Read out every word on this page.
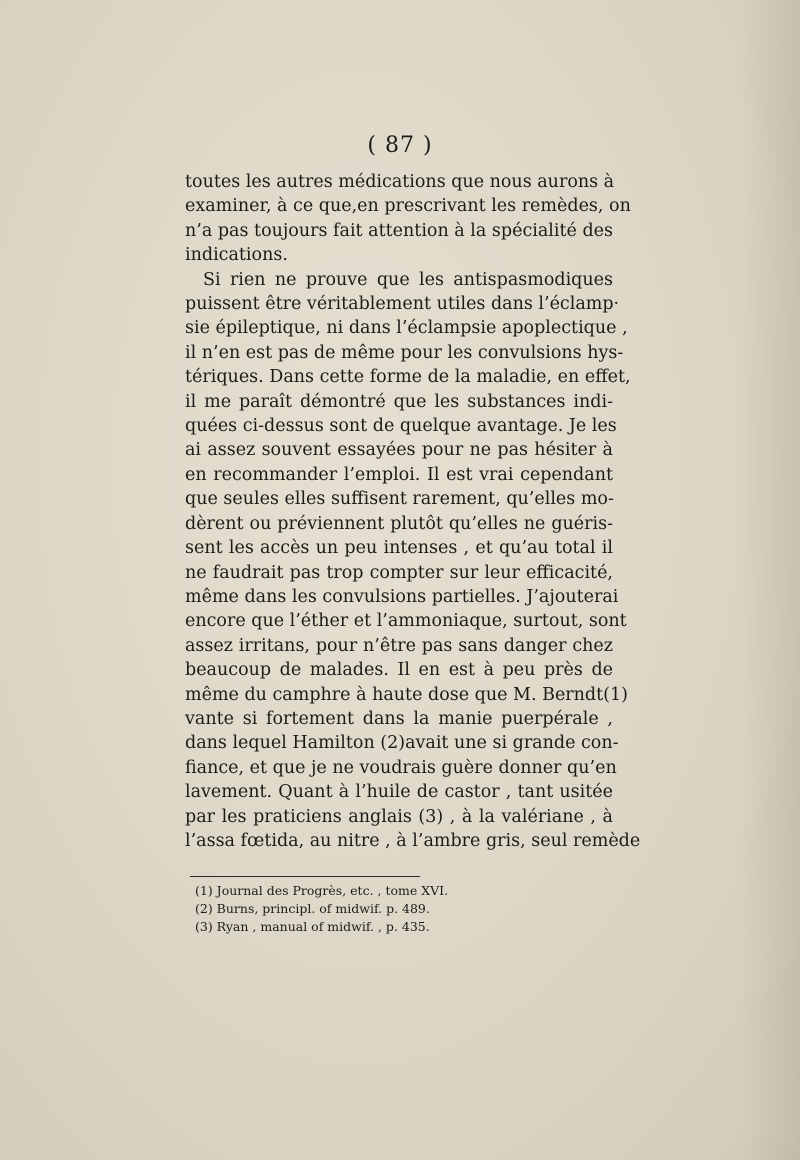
( 87 )
toutes les autres médications que nous aurons à
examiner, à ce que,en prescrivant les remèdes, on
n’a pas toujours fait attention à la spécialité des
indications.
Si rien ne prouve que les antispasmodiques
puissent être véritablement utiles dans l’éclamp·
sie épileptique, ni dans l’éclampsie apoplectique ,
il n’en est pas de même pour les convulsions hys-
tériques. Dans cette forme de la maladie, en effet,
il me paraît démontré que les substances indi-
quées ci-dessus sont de quelque avantage. Je les
ai assez souvent essayées pour ne pas hésiter à
en recommander l’emploi. Il est vrai cependant
que seules elles suffisent rarement, qu’elles mo-
dèrent ou préviennent plutôt qu’elles ne guéris-
sent les accès un peu intenses , et qu’au total il
ne faudrait pas trop compter sur leur efficacité,
même dans les convulsions partielles. J’ajouterai
encore que l’éther et l’ammoniaque, surtout, sont
assez irritans, pour n’être pas sans danger chez
beaucoup de malades. Il en est à peu près de
même du camphre à haute dose que M. Berndt(1)
vante si fortement dans la manie puerpérale ,
dans lequel Hamilton (2)avait une si grande con-
fiance, et que je ne voudrais guère donner qu’en
lavement. Quant à l’huile de castor , tant usitée
par les praticiens anglais (3) , à la valériane , à
l’assa fœtida, au nitre , à l’ambre gris, seul remède
(1) Journal des Progrès, etc. , tome XVI.
(2) Burns, principl. of midwif. p. 489.
(3) Ryan , manual of midwif. , p. 435.
